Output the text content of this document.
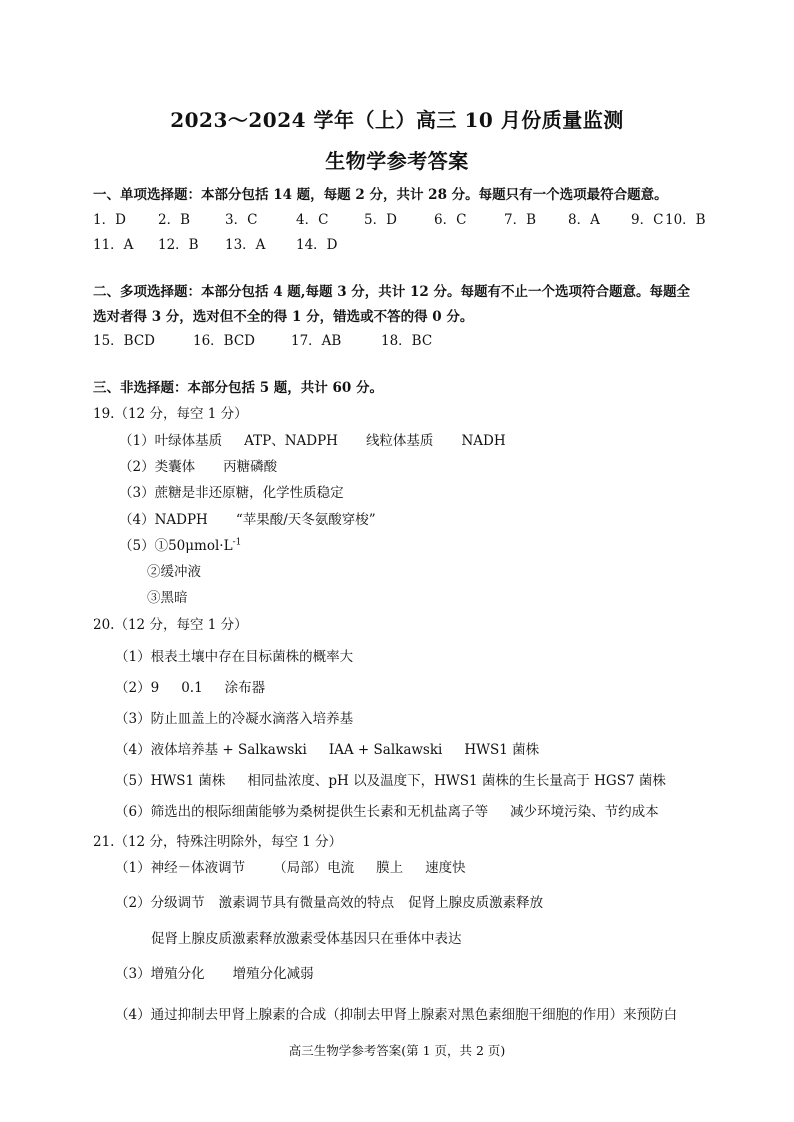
2023～2024 学年（上）高三 10 月份质量监测
生物学参考答案
一、单项选择题：本部分包括 14 题，每题 2 分，共计 28 分。每题只有一个选项最符合题意。
1．D 2．B	3．C	4．C	5．D	6．C	7．B 8．A 9．C 10．B
11．A 12．B 13．A 14．D
二、多项选择题：本部分包括 4 题,每题 3 分，共计 12 分。每题有不止一个选项符合题意。每题全
选对者得 3 分，选对但不全的得 1 分，错选或不答的得 0 分。
15．BCD	16．BCD	17．AB	18．BC
三、非选择题：本部分包括 5 题，共计 60 分。
19.（12 分，每空 1 分）
（1）叶绿体基质 ATP、NADPH 线粒体基质 NADH
（2）类囊体 丙糖磷酸
（3）蔗糖是非还原糖，化学性质稳定
（4）NADPH “苹果酸/天冬氨酸穿梭”
$(5)①50\mu mol\cdot L^{-1}$
②缓冲液
③黑暗
20.（12 分，每空 1 分）
（1）根表土壤中存在目标菌株的概率大
（2）9 0.1 涂布器
（3）防止皿盖上的冷凝水滴落入培养基
（4）液体培养基 + Salkawski IAA + Salkawski HWS1 菌株
（5）HWS1 菌株 相同盐浓度、pH 以及温度下，HWS1 菌株的生长量高于 HGS7 菌株
（6）筛选出的根际细菌能够为桑树提供生长素和无机盐离子等 减少环境污染、节约成本
21.（12 分，特殊注明除外，每空 1 分）
（1）神经－体液调节 （局部）电流 膜上 速度快
（2）分级调节 激素调节具有微量高效的特点 促肾上腺皮质激素释放
促肾上腺皮质激素释放激素受体基因只在垂体中表达
（3）增殖分化 增殖分化减弱
（4）通过抑制去甲肾上腺素的合成（抑制去甲肾上腺素对黑色素细胞干细胞的作用）来预防白
高三生物学参考答案(第 1 页，共 2 页)
